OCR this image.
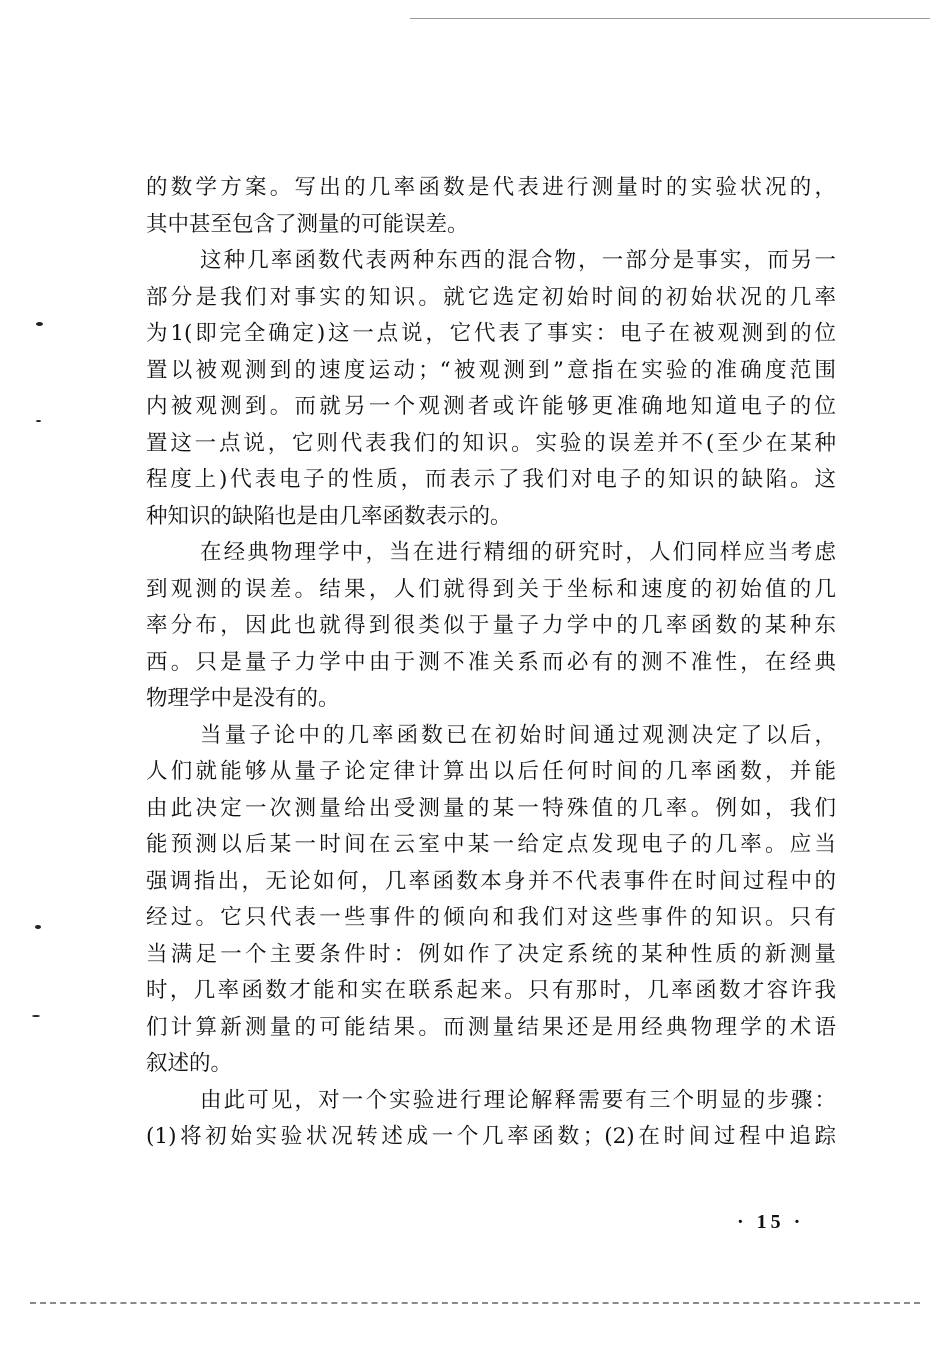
的数学方案。写出的几率函数是代表进行测量时的实验状况的，
其中甚至包含了测量的可能误差。
这种几率函数代表两种东西的混合物，一部分是事实，而另一
部分是我们对事实的知识。就它选定初始时间的初始状况的几率
为1(即完全确定)这一点说，它代表了事实：电子在被观测到的位
置以被观测到的速度运动；“被观测到”意指在实验的准确度范围
内被观测到。而就另一个观测者或许能够更准确地知道电子的位
置这一点说，它则代表我们的知识。实验的误差并不(至少在某种
程度上)代表电子的性质，而表示了我们对电子的知识的缺陷。这
种知识的缺陷也是由几率函数表示的。
在经典物理学中，当在进行精细的研究时，人们同样应当考虑
到观测的误差。结果，人们就得到关于坐标和速度的初始值的几
率分布，因此也就得到很类似于量子力学中的几率函数的某种东
西。只是量子力学中由于测不准关系而必有的测不准性，在经典
物理学中是没有的。
当量子论中的几率函数已在初始时间通过观测决定了以后，
人们就能够从量子论定律计算出以后任何时间的几率函数，并能
由此决定一次测量给出受测量的某一特殊值的几率。例如，我们
能预测以后某一时间在云室中某一给定点发现电子的几率。应当
强调指出，无论如何，几率函数本身并不代表事件在时间过程中的
经过。它只代表一些事件的倾向和我们对这些事件的知识。只有
当满足一个主要条件时：例如作了决定系统的某种性质的新测量
时，几率函数才能和实在联系起来。只有那时，几率函数才容许我
们计算新测量的可能结果。而测量结果还是用经典物理学的术语
叙述的。
由此可见，对一个实验进行理论解释需要有三个明显的步骤：
(1)将初始实验状况转述成一个几率函数；(2)在时间过程中追踪
· 15 ·
